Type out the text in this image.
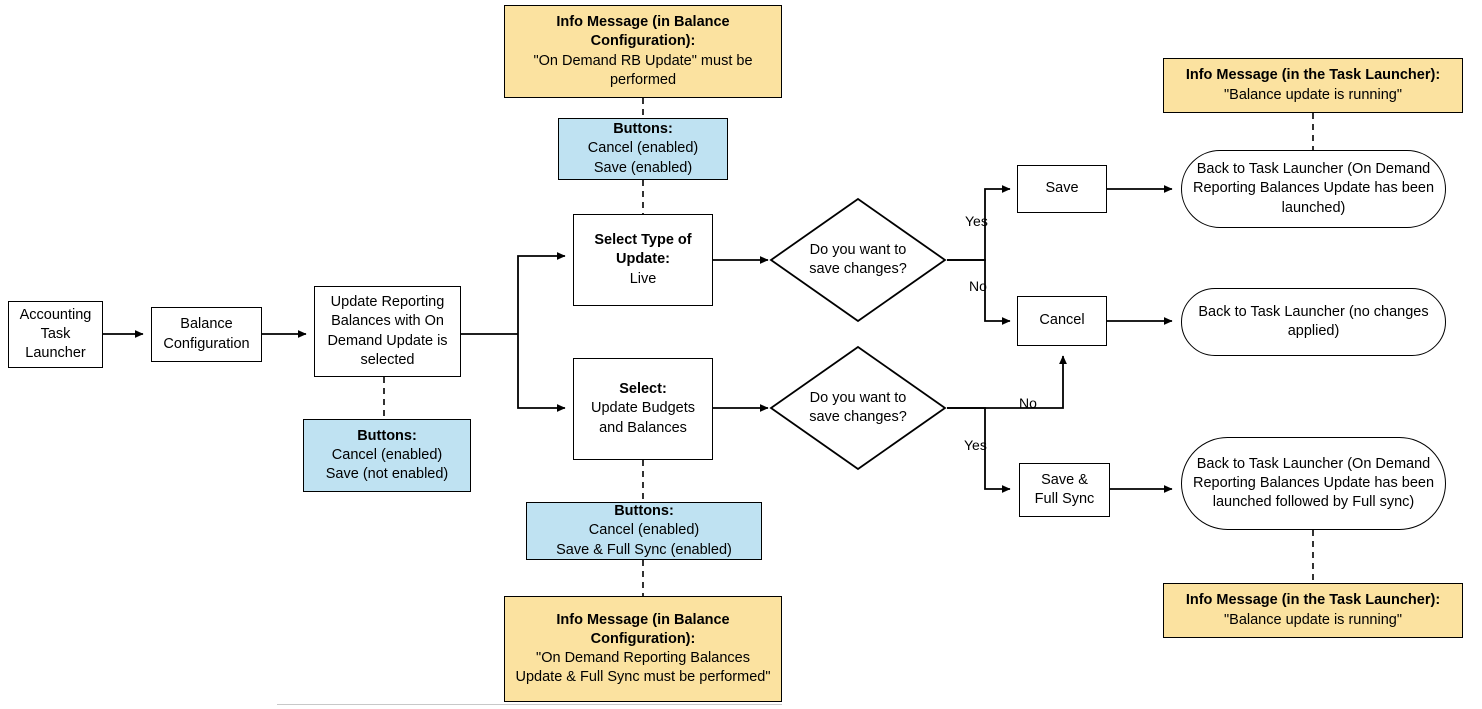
Accounting
Task
Launcher
Balance
Configuration
Update Reporting Balances with On Demand Update is selected
Buttons:
Cancel (enabled)
Save (not enabled)
Info Message (in Balance Configuration):
"On Demand RB Update" must be performed
Buttons:
Cancel (enabled)
Save (enabled)
Select Type of Update:
Live
Select:
Update Budgets and Balances
Buttons:
Cancel (enabled)
Save & Full Sync (enabled)
Info Message (in Balance Configuration):
"On Demand Reporting Balances Update & Full Sync must be performed"
Do you want to
save changes?
Do you want to
save changes?
Yes
No
No
Yes
Save
Cancel
Save &
Full Sync
Back to Task Launcher (On Demand Reporting Balances Update has been launched)
Back to Task Launcher (no changes applied)
Back to Task Launcher (On Demand Reporting Balances Update has been launched followed by Full sync)
Info Message (in the Task Launcher):
"Balance update is running"
Info Message (in the Task Launcher):
"Balance update is running"
